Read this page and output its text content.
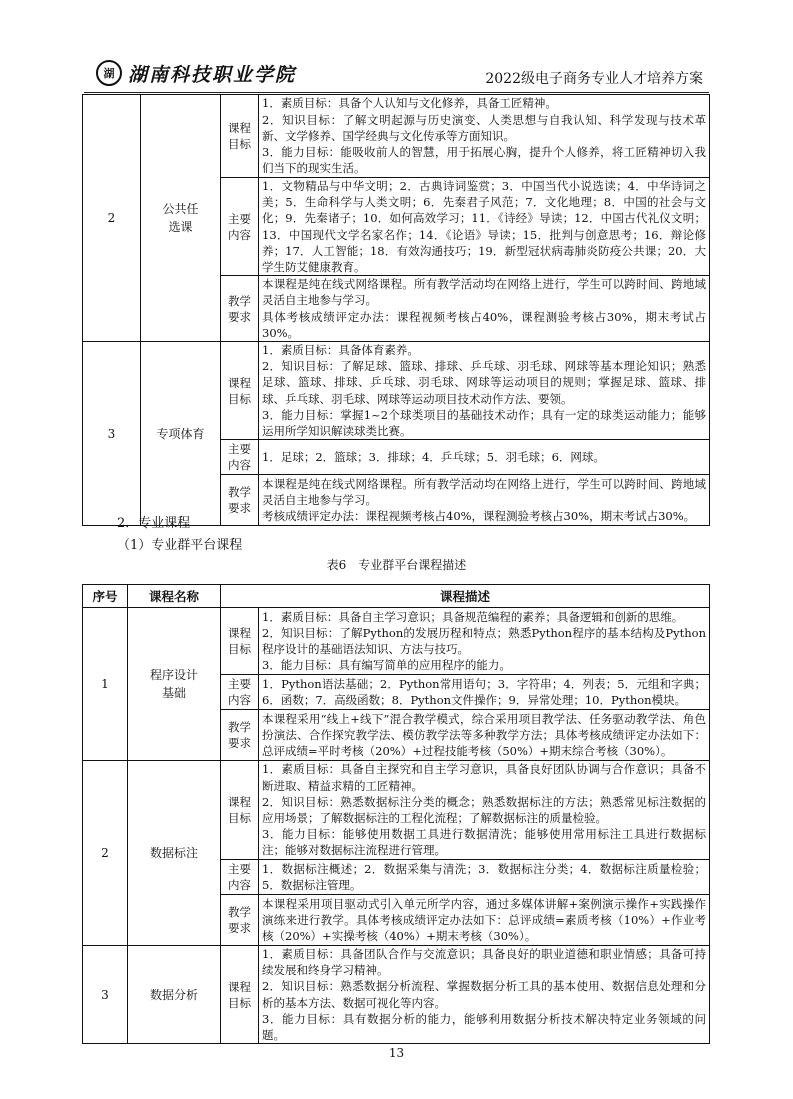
湖 湖南科技职业学院	2022级电子商务专业人才培养方案
2	公共任选课	课程目标	1．素质目标：具备个人认知与文化修养，具备工匠精神。
2．知识目标：了解文明起源与历史演变、人类思想与自我认知、科学发现与技术革新、文学修养、国学经典与文化传承等方面知识。
3．能力目标：能吸收前人的智慧，用于拓展心胸，提升个人修养，将工匠精神切入我们当下的现实生活。

		主要内容	1．文物精品与中华文明；2．古典诗词鉴赏；3．中国当代小说选读；4．中华诗词之美；5．生命科学与人类文明；6．先秦君子风范；7．文化地理；8．中国的社会与文化；9．先秦诸子；10．如何高效学习；11．《诗经》导读；12．中国古代礼仪文明；13．中国现代文学名家名作；14．《论语》导读；15．批判与创意思考；16．辩论修养；17．人工智能；18．有效沟通技巧；19．新型冠状病毒肺炎防疫公共课；20．大学生防艾健康教育。
		教学要求	本课程是纯在线式网络课程。所有教学活动均在网络上进行，学生可以跨时间、跨地域灵活自主地参与学习。
具体考核成绩评定办法：课程视频考核占40%，课程测验考核占30%，期末考试占30%。

3	专项体育	课程目标	1．素质目标：具备体育素养。
2．知识目标：了解足球、篮球、排球、乒乓球、羽毛球、网球等基本理论知识；熟悉足球、篮球、排球、乒乓球、羽毛球、网球等运动项目的规则；掌握足球、篮球、排球、乒乓球、羽毛球、网球等运动项目技术动作方法、要领。
3．能力目标：掌握1~2个球类项目的基础技术动作；具有一定的球类运动能力；能够运用所学知识解读球类比赛。

		主要内容	1．足球；2．篮球；3．排球；4．乒乓球；5．羽毛球；6．网球。
		教学要求	本课程是纯在线式网络课程。所有教学活动均在网络上进行，学生可以跨时间、跨地域灵活自主地参与学习。
考核成绩评定办法：课程视频考核占40%，课程测验考核占30%，期末考试占30%。
2．专业课程
（1）专业群平台课程
表6　专业群平台课程描述
序号	课程名称	课程描述	
1	程序设计基础	课程目标	1．素质目标：具备自主学习意识；具备规范编程的素养；具备逻辑和创新的思维。
2．知识目标：了解Python的发展历程和特点；熟悉Python程序的基本结构及Python程序设计的基础语法知识、方法与技巧。
3．能力目标：具有编写简单的应用程序的能力。

		主要内容	1．Python语法基础；2．Python常用语句；3．字符串；4．列表；5．元组和字典；6．函数；7．高级函数；8．Python文件操作；9．异常处理；10．Python模块。
		教学要求	本课程采用“线上+线下”混合教学模式，综合采用项目教学法、任务驱动教学法、角色扮演法、合作探究教学法、模仿教学法等多种教学方法；具体考核成绩评定办法如下：总评成绩=平时考核（20%）+过程技能考核（50%）+期末综合考核（30%）。
2	数据标注	课程目标	1．素质目标：具备自主探究和自主学习意识，具备良好团队协调与合作意识；具备不断进取、精益求精的工匠精神。
2．知识目标：熟悉数据标注分类的概念；熟悉数据标注的方法；熟悉常见标注数据的应用场景；了解数据标注的工程化流程；了解数据标注的质量检验。
3．能力目标：能够使用数据工具进行数据清洗；能够使用常用标注工具进行数据标注；能够对数据标注流程进行管理。

		主要内容	1．数据标注概述；2．数据采集与清洗；3．数据标注分类；4．数据标注质量检验；5．数据标注管理。
		教学要求	本课程采用项目驱动式引入单元所学内容，通过多媒体讲解+案例演示操作+实践操作演练来进行教学。具体考核成绩评定办法如下：总评成绩=素质考核（10%）+作业考核（20%）+实操考核（40%）+期末考核（30%）。
3	数据分析	课程目标	1．素质目标：具备团队合作与交流意识；具备良好的职业道德和职业情感；具备可持续发展和终身学习精神。
2．知识目标：熟悉数据分析流程、掌握数据分析工具的基本使用、数据信息处理和分析的基本方法、数据可视化等内容。
3．能力目标：具有数据分析的能力，能够利用数据分析技术解决特定业务领域的问题。
13
